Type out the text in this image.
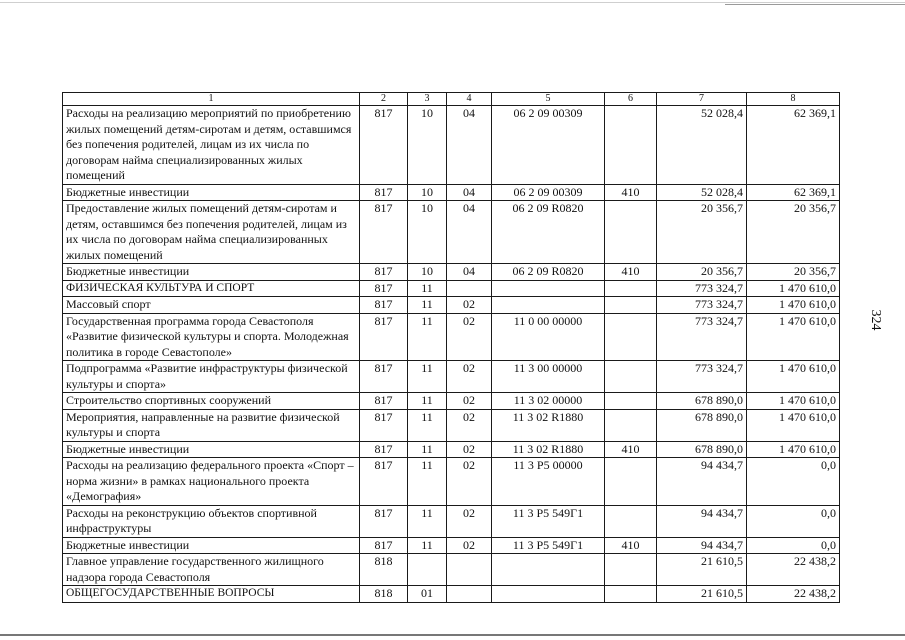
1	2	3	4	5	6	7	8
Расходы на реализацию мероприятий по приобретению жилых помещений детям-сиротам и детям, оставшимся без попечения родителей, лицам из их числа по договорам найма специализированных жилых помещений	817	10	04	06 2 09 00309		52 028,4	62 369,1
Бюджетные инвестиции	817	10	04	06 2 09 00309	410	52 028,4	62 369,1
Предоставление жилых помещений детям-сиротам и детям, оставшимся без попечения родителей, лицам из их числа по договорам найма специализированных жилых помещений	817	10	04	06 2 09 R0820		20 356,7	20 356,7
Бюджетные инвестиции	817	10	04	06 2 09 R0820	410	20 356,7	20 356,7
ФИЗИЧЕСКАЯ КУЛЬТУРА И СПОРТ	817	11				773 324,7	1 470 610,0
Массовый спорт	817	11	02			773 324,7	1 470 610,0
Государственная программа города Севастополя «Развитие физической культуры и спорта. Молодежная политика в городе Севастополе»	817	11	02	11 0 00 00000		773 324,7	1 470 610,0
Подпрограмма «Развитие инфраструктуры физической культуры и спорта»	817	11	02	11 3 00 00000		773 324,7	1 470 610,0
Строительство спортивных сооружений	817	11	02	11 3 02 00000		678 890,0	1 470 610,0
Мероприятия, направленные на развитие физической культуры и спорта	817	11	02	11 3 02 R1880		678 890,0	1 470 610,0
Бюджетные инвестиции	817	11	02	11 3 02 R1880	410	678 890,0	1 470 610,0
Расходы на реализацию федерального проекта «Спорт – норма жизни» в рамках национального проекта «Демография»	817	11	02	11 3 P5 00000		94 434,7	0,0
Расходы на реконструкцию объектов спортивной инфраструктуры	817	11	02	11 3 P5 549Г1		94 434,7	0,0
Бюджетные инвестиции	817	11	02	11 3 P5 549Г1	410	94 434,7	0,0
Главное управление государственного жилищного надзора города Севастополя	818					21 610,5	22 438,2
ОБЩЕГОСУДАРСТВЕННЫЕ ВОПРОСЫ	818	01				21 610,5	22 438,2
324
